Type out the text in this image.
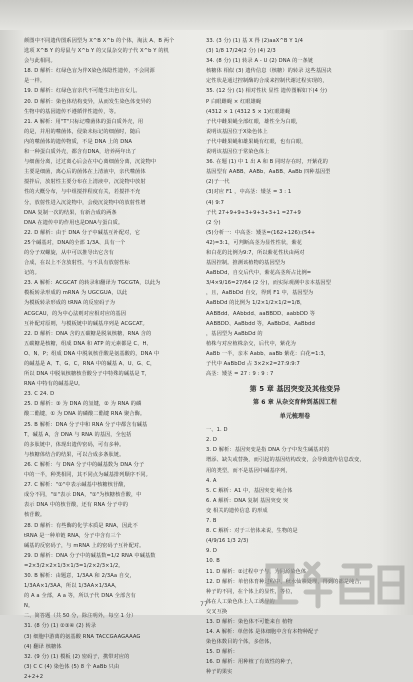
颜图中不同遗传图系因型为 X^B X^b 的个体，淘汰 A、B 两个

选项 X^B Y 的母鼠与 X^b Y 的父鼠杂交的子代 X^b Y 的机

会与此相同。

18. D 解析：红绿色盲为伴X染色体隐性遗传，不会同源

是一样。

19. D 解析：红绿色盲亲代不可能生出色盲女儿。

20. D 解析：染色体结构变异，从而发生染色体变异的

生物中的基因遗传不遵循伴性遗传，等。

21. A 解析：用"T"只标记噬菌体的蛋白质外壳，用

的是，并用的噬菌体，侵染未标记的细菌时，随后

内的噬菌体的遗传物质，不是 DNA 上的 DNA

和一种蛋白质外壳，都含有DNA，培养两年出了

与细菌分离，过过离心后会在中心离细菌分离，沉淀物中

主要是细菌，离心后的菌体在上清液中，亲代噬菌体

搅拌后，放射性主要分布在上清液中，沉淀物中放射

性的大概分布，与中组搅拌程度有关，若搅拌不充

分，放射性进入沉淀物中，会使沉淀物中的放射性增

DNA 复制一次的结果，有新合成的两条

DNA 在遗传中的作用也是DNA与蛋白质。

22. D 解析：由于 DNA 分子中碱基互补配对，它

25个碱基对，DNA的全部 1/3A、具有一个

的分子双螺旋，从中可以推导出它含有

合成，在以上不含放射性，与不具有放射性标

记的。

23. A 解析：ACGCAT 的转录和翻译为 TGCGTA，以此为

模板转录形成的 mRNA 为 UGCGUA，以此

为模板转录形成的 tRNA 的反密码子为

ACGCAU，的为中心法则对应相对应的基因

互补配对原则，与模板链中的碱基序列是 ACGCAT。

22. D 解析：DNA 含的五碳糖是脱氧核糖，RNA 含的

五碳糖是核糖，组成 DNA 和 ATP 的元素都是 C、H、

O、N、P；组成 DNA 中脱氧核苷酸是氨基酸的，DNA 中

的碱基是 A、T、G、C，RNA 中的碱基 A、U、G、C，

所以 DNA 中脱氧核糖核苷酸分子中特殊的碱基是 T，

RNA 中特有的碱基是U。

23. C 24. D

25. D 解析：③ 为 DNA 的氢键，② 为 RNA 的磷

酸二酯键，① 为 DNA 的磷酸二酯键 RNA 聚合酶。

25. B 解析：DNA 分子中和 RNA 分子中都含有碱基

T，碱基 A，含 DNA 与 RNA 的基因，全包括

的多肽链中，体现出遗传密码，可有多种。

与核糖体结合的结果，可以合成多条肽链。

26. C 解析：与 DNA 分子中的碱基数为 DNA 分子

中的一半，种类相同，其不同点为碱基排列顺序不同。

27. C 解析："①"中表示碱基中核糖核苷酸，

成分不同，"①"表示 DNA，"①"为核糖核苷酸，中

表示 DNA 中的核苷酸，还有 RNA 分子中的

核苷酸。

28. D 解析：有些酶的化学本质是 RNA，因此不

tRNA 是一种单链 RNA，分子中含有三个

碱基的反密码子，与 mRNA 上的密码子互补配对。

29. D 解析：DNA 分子中的碱基数=1/2 RNA 中碱基数

=2×3/2×2×1/3×1/3=1/2×2/3×1/2。

30. B 解析：由题意，1/3AA 和 2/3Aa 自交，

1/3AA×1/3AA，所以 1/3AA×1/3AA，

的 A a 全部，A a 等，所以子代 DNA 全部含有

N。

二、简答题（共 50 分，除注明外，每空 1 分）

31. (8 分) (1) ②③④ (2) 转录

(3) 细胞中游离的氨基酸 RNA TACCGAAGAAAG

(4) 翻译 核糖体

32. (9 分) (1) 模板 (2) 密码子，携带对应的

(3) C C (4) 染色体 (5) 8 个 AaBb 只由

2+2+2

33. (3 分) (1) 基 X 得 (2)aaX^B Y 1/4

(3) 1/8 17/24(2 分) (4) 2/3

34. (8 分) (1) 转录 A - U (2) DNA 的一条链

核糖体 相似 (3) 遗传信息（核糖）的转录 这些基因决

定性状是通过控制酶的合成来控制代谢过程实现的，

35. (12 分) (1) 相对性状 显性 遗传图解如下(4 分)

P 白眼雌蝇 × 红眼雄蝇

(4312 × 1 (4312 5 × 1)红眼雄蝇

子代中雌果蝇全部红眼，雄性全为白眼，

说明该基因位于X染色体上

子代中雌果蝇和雄果蝇有红眼，也有白眼，

说明该基因位于常染色体上

36. 在题 (1) 中 1 出 A 和 B 同时存在时，开紫花的

基因型有 AABB、AABb、AaBB、AaBb 四种基因型

(2)子一代

(3)对应 F1 ，中高茎：矮茎 = 3 : 1

(4) 9:7

子代 27+9+9+3+9+3+3+1 =27+9

(2 分)

(5)分析一：中高茎：矮茎=(162+126):(54+

42)=3:1，可判断高茎为显性性状，紫花

和白花的比例为9:7，所以紫花性状由两对

基因控制。推测该植物的基因型为

AaBbDd，自交后代中，紫花高茎所占比例=

3/4×9/16=27/64 (2 分)，而实际观测中亲本基因型

，且，AaBbDd 自交，得到 F1 中，基因型为

AaBbDd 的比例为 1/2×1/2×1/2=1/8，

AABBdd、AAbbdd、aaBBDD、aabbDD 等

AABBDD、AaBbdd 等，AaBbDd、AaBbdd

，基因型为 AaBbDd 的

植株与对应植株杂交，后代中，紫花为

AaBb 一半，亲本 Aabb、aaBb 紫花：白花=1:3，

子代中 AaBbDd 占 3×2×2=27:9:9:7

高茎：矮茎 = 27 : 9 : 9 : 7

第 5 章 基因突变及其他变异
第 6 章 从杂交育种到基因工程
单元梳理卷

一、1. D

2. D

3. D 解析：基因突变是指 DNA 分子中发生碱基对的

增添、缺失或替换，而引起的基因结构改变，会导致遗传信息改变，

用的类型，而不是基因中碱基序列，

4. A

5. C 解析：A1 中，基因突变 纯合体

6. A 解析：DNA 复制 基因突变 突

变 相关的遗传信息 的形成

7. B

8. C 解析：对于三倍体来说，生物的是

(4/9/16 1/3 2/3)

9. D

10. B

11. D 解析：②过程中子与，为同源染色体

12. D 解析：单倍体育种过程中，秋水仙素处理，得到的都是纯合，

种子的不同，在个体上的显性，等位，

体在人工染色体上人工诱导的

交叉互换

13. D 解析：染色体不可能来自 植物

14. A 解析：单倍体 是体细胞中含有本物种配子

染色体数目的个体，多倍体，

15. D 解析：

16. D 解析：用种植了有效性的种子，

种子的果实

77
